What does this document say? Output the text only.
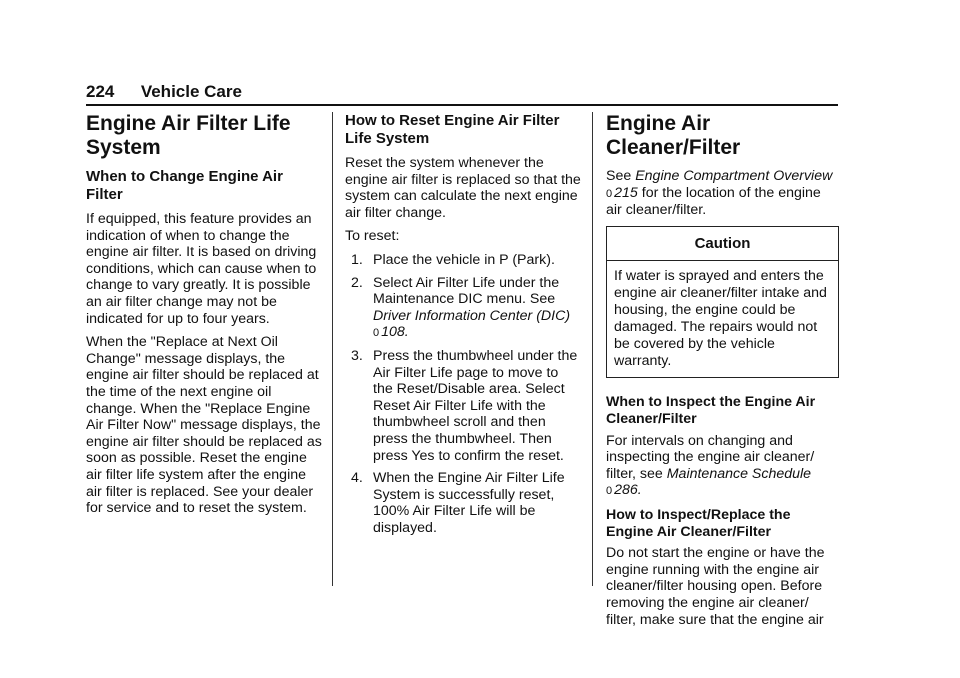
224 Vehicle Care
Engine Air Filter Life System
When to Change Engine Air Filter

If equipped, this feature provides an indication of when to change the engine air filter. It is based on driving conditions, which can cause when to change to vary greatly. It is possible an air filter change may not be indicated for up to four years.

When the "Replace at Next Oil Change" message displays, the engine air filter should be replaced at the time of the next engine oil change. When the "Replace Engine Air Filter Now" message displays, the engine air filter should be replaced as soon as possible. Reset the engine air filter life system after the engine air filter is replaced. See your dealer for service and to reset the system.

How to Reset Engine Air Filter Life System

Reset the system whenever the engine air filter is replaced so that the system can calculate the next engine air filter change.

To reset:

1. Place the vehicle in P (Park).
2. Select Air Filter Life under the Maintenance DIC menu. See Driver Information Center (DIC)
0 108.
3. Press the thumbwheel under the Air Filter Life page to move to the Reset/Disable area. Select Reset Air Filter Life with the thumbwheel scroll and then press the thumbwheel. Then press Yes to confirm the reset.
4. When the Engine Air Filter Life System is successfully reset, 100% Air Filter Life will be displayed.
Engine Air Cleaner/Filter

See Engine Compartment Overview
0 215 for the location of the engine air cleaner/filter.

Caution
If water is sprayed and enters the engine air cleaner/filter intake and housing, the engine could be damaged. The repairs would not be covered by the vehicle warranty.
When to Inspect the Engine Air Cleaner/Filter

For intervals on changing and inspecting the engine air cleaner/ filter, see Maintenance Schedule
0 286.

How to Inspect/Replace the Engine Air Cleaner/Filter

Do not start the engine or have the engine running with the engine air cleaner/filter housing open. Before removing the engine air cleaner/ filter, make sure that the engine air
